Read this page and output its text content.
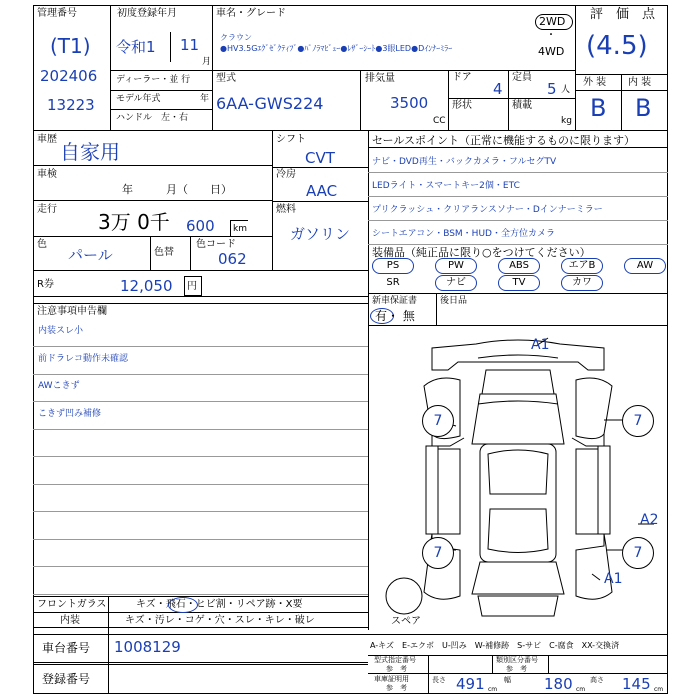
管理番号
(T1)
202406
13223
初度登録年月
令和1 11
月
車名・グレード
クラウン
●HV3.5Gｴｸﾞｾﾞｸﾃｨﾌﾞ●ﾊﾟﾉﾗﾏﾋﾞｭｰ●ﾚｻﾞｰｼｰﾄ●3眼LED●Dｲﾝﾅｰﾐﾗｰ
2WD
・
4WD
評　価　点
(4.5)
ディーラー・並 行
モデル年式	年
ハンドル　左・右
型式
6AA-GWS224
排気量
3500
CC
ドア
4
形状
定員
5 人
積載
kg
外 装 内 装
B B
車歴
自家用
車検
年　　　月（　　日）
走行
3万 0千 600 km
色
パール	色替
色コード
062
シフト
CVT
冷房
AAC
燃料
ガソリン
R券	12,050 円
セールスポイント（正常に機能するものに限ります）
ナビ・DVD再生・バックカメラ・フルセグTV
LEDライト・スマートキー2個・ETC
プリクラッシュ・クリアランスソナー・Dインナーミラー
シートエアコン・BSM・HUD・全方位カメラ
装備品（純正品に限り○をつけてください）
PS	PW	ABS	エアB	AW
SR	ナビ	TV	カワ
新車保証書
有・ 無
後日品
注意事項申告欄
内装スレ小
前ドラレコ動作未確認
AWこきず
こきず凹み補修
A1
7	7
A2
7	7
A1
スペア
フロントガラス	キズ・飛石・ヒビ割・リペア跡・X要
内装	キズ・汚レ・コゲ・穴・スレ・キレ・破レ
車台番号 1008129
登録番号
A-キズ　E-エクボ　U-凹み　W-補修跡　S-サビ　C-腐食　XX-交換済
型式指定番号
参　考
類別区分番号
参　考
車庫証明用
参　考
長さ 491 cm
幅 180 cm
高さ 145 cm
